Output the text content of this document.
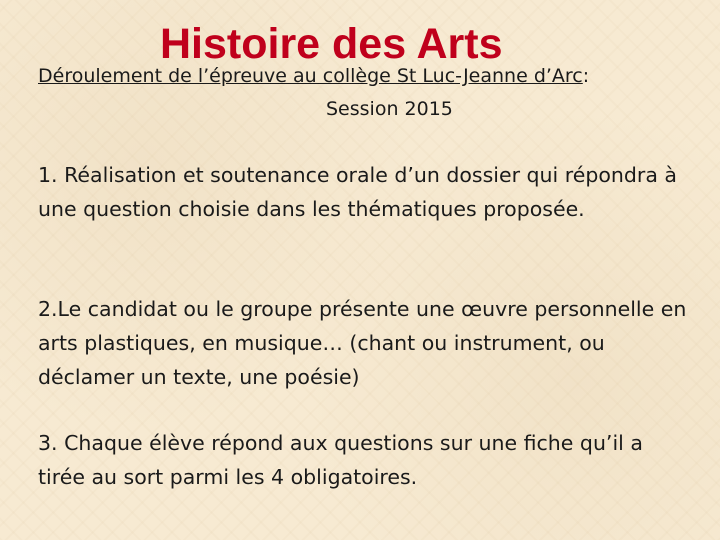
Histoire des Arts
Déroulement de l’épreuve au collège St Luc-Jeanne d’Arc:
Session 2015

1. Réalisation et soutenance orale d’un dossier qui répondra à une question choisie dans les thématiques proposée.

2.Le candidat ou le groupe présente une œuvre personnelle en arts plastiques, en musique… (chant ou instrument, ou déclamer un texte, une poésie)

3. Chaque élève répond aux questions sur une fiche qu’il a tirée au sort parmi les 4 obligatoires.
